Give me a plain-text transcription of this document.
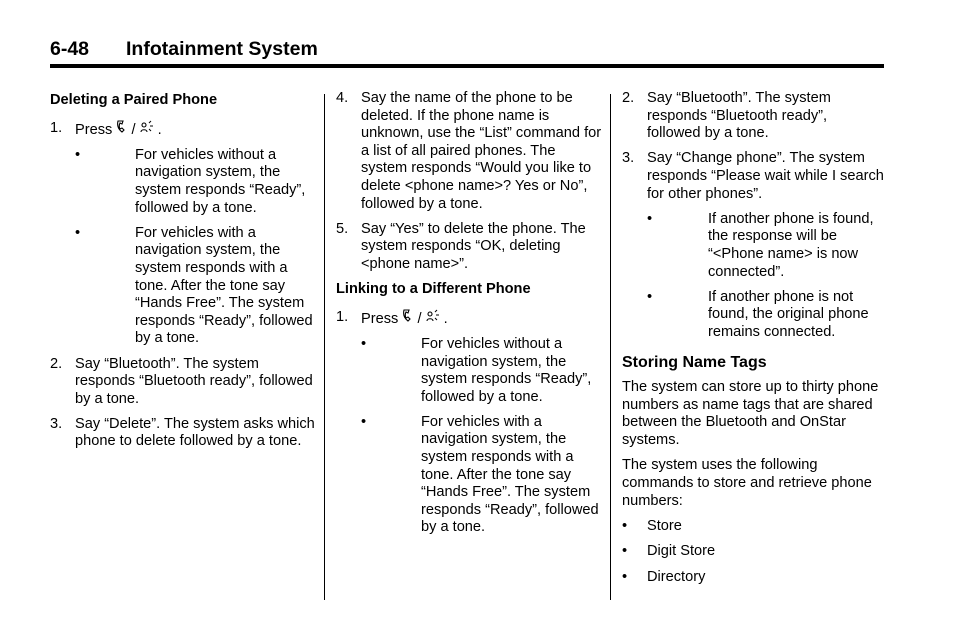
6-48 Infotainment System
Deleting a Paired Phone
1. Press / .
•	For vehicles without a navigation system, the system responds “Ready”, followed by a tone.
•	For vehicles with a navigation system, the system responds with a tone. After the tone say “Hands Free”. The system responds “Ready”, followed by a tone.
2. Say “Bluetooth”. The system responds “Bluetooth ready”, followed by a tone.
3. Say “Delete”. The system asks which phone to delete followed by a tone.
4. Say the name of the phone to be deleted. If the phone name is unknown, use the “List” command for a list of all paired phones. The system responds “Would you like to delete <phone name>? Yes or No”, followed by a tone.
5. Say “Yes” to delete the phone. The system responds “OK, deleting <phone name>”.
Linking to a Different Phone
1. Press / .
•	For vehicles without a navigation system, the system responds “Ready”, followed by a tone.
•	For vehicles with a navigation system, the system responds with a tone. After the tone say “Hands Free”. The system responds “Ready”, followed by a tone.
2. Say “Bluetooth”. The system responds “Bluetooth ready”, followed by a tone.
3. Say “Change phone”. The system responds “Please wait while I search for other phones”.
•	If another phone is found, the response will be “<Phone name> is now connected”.
•	If another phone is not found, the original phone remains connected.
Storing Name Tags
The system can store up to thirty phone numbers as name tags that are shared between the Bluetooth and OnStar systems.
The system uses the following commands to store and retrieve phone numbers:
•	Store
•	Digit Store
•	Directory
